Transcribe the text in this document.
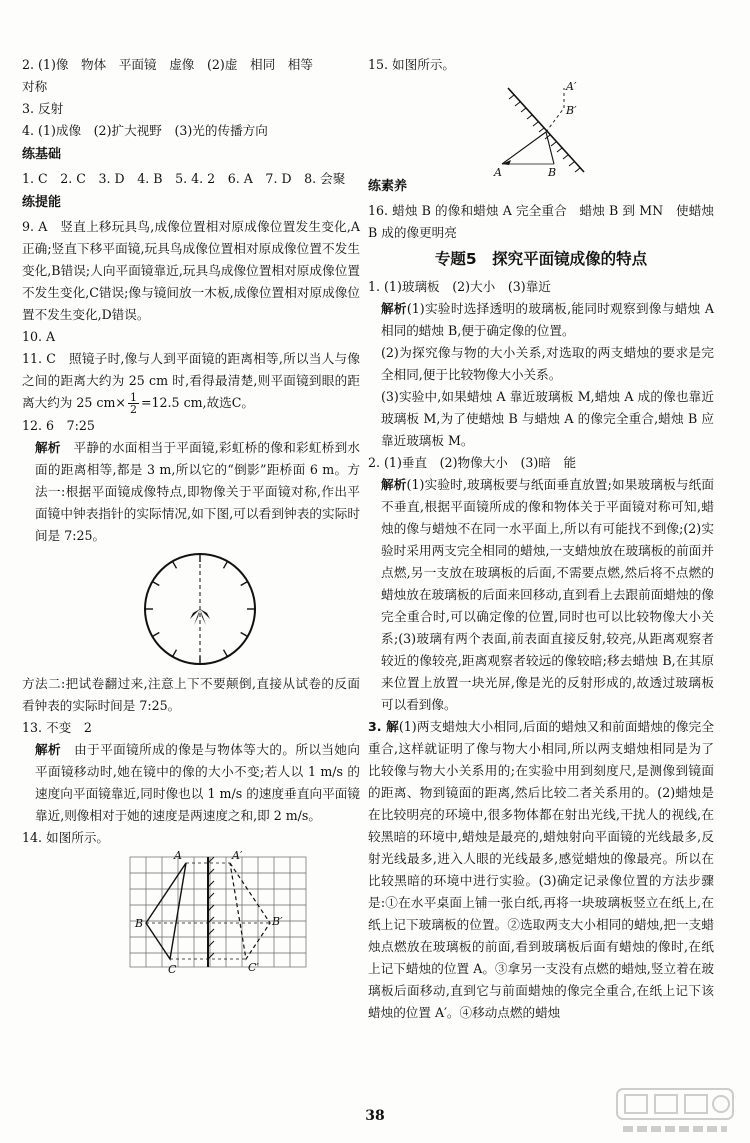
2. (1)像　物体　平面镜　虚像　(2)虚　相同　相等

对称

3. 反射

4. (1)成像　(2)扩大视野　(3)光的传播方向

练基础

1. C　2. C　3. D　4. B　5. 4. 2　6. A　7. D　8. 会聚

练提能

9. A　竖直上移玩具鸟,成像位置相对原成像位置发生变化,A正确;竖直下移平面镜,玩具鸟成像位置相对原成像位置不发生变化,B错误;人向平面镜靠近,玩具鸟成像位置相对原成像位置不发生变化,C错误;像与镜间放一木板,成像位置相对原成像位置不发生变化,D错误。

10. A

11. C　照镜子时,像与人到平面镜的距离相等,所以当人与像之间的距离大约为 25 cm 时,看得最清楚,则平面镜到眼的距离大约为 25 $cm\times \frac{1}{2} =12.5$ cm,故选C。

12. 6　7:25

解析　 平静的水面相当于平面镜,彩虹桥的像和彩虹桥到水面的距离相等,都是 3 m,所以它的“倒影”距桥面 6 m。方法一:根据平面镜成像特点,即物像关于平面镜对称,作出平面镜中钟表指针的实际情况,如下图,可以看到钟表的实际时间是 7:25。

方法二:把试卷翻过来,注意上下不要颠倒,直接从试卷的反面看钟表的实际时间是 7:25。

13. 不变　2

解析　 由于平面镜所成的像是与物体等大的。所以当她向平面镜移动时,她在镜中的像的大小不变;若人以 1 m/s 的速度向平面镜靠近,同时像也以 1 m/s 的速度垂直向平面镜靠近,则像相对于她的速度是两速度之和,即 2 m/s。

14. 如图所示。

A
B
C
A′
B′
C′

15. 如图所示。

A′
B′
A	B

练素养

16. 蜡烛 B 的像和蜡烛 A 完全重合　蜡烛 B 到 MN　使蜡烛 B 成的像更明亮

专题5　探究平面镜成像的特点

1. (1)玻璃板　(2)大小　(3)靠近

解析(1)实验时选择透明的玻璃板,能同时观察到像与蜡烛 A 相同的蜡烛 B,便于确定像的位置。

(2)为探究像与物的大小关系,对选取的两支蜡烛的要求是完全相同,便于比较物像大小关系。

(3)实验中,如果蜡烛 A 靠近玻璃板 M,蜡烛 A 成的像也靠近玻璃板 M,为了使蜡烛 B 与蜡烛 A 的像完全重合,蜡烛 B 应靠近玻璃板 M。

2. (1)垂直　(2)物像大小　(3)暗　能

解析(1)实验时,玻璃板要与纸面垂直放置;如果玻璃板与纸面不垂直,根据平面镜所成的像和物体关于平面镜对称可知,蜡烛的像与蜡烛不在同一水平面上,所以有可能找不到像;(2)实验时采用两支完全相同的蜡烛,一支蜡烛放在玻璃板的前面并点燃,另一支放在玻璃板的后面,不需要点燃,然后将不点燃的蜡烛放在玻璃板的后面来回移动,直到看上去跟前面蜡烛的像完全重合时,可以确定像的位置,同时也可以比较物像大小关系;(3)玻璃有两个表面,前表面直接反射,较亮,从距离观察者较近的像较亮,距离观察者较远的像较暗;移去蜡烛 B,在其原来位置上放置一块光屏,像是光的反射形成的,故透过玻璃板可以看到像。

3. 解(1)两支蜡烛大小相同,后面的蜡烛又和前面蜡烛的像完全重合,这样就证明了像与物大小相同,所以两支蜡烛相同是为了比较像与物大小关系用的;在实验中用到刻度尺,是测像到镜面的距离、物到镜面的距离,然后比较二者关系用的。(2)蜡烛是在比较明亮的环境中,很多物体都在射出光线,干扰人的视线,在较黑暗的环境中,蜡烛是最亮的,蜡烛射向平面镜的光线最多,反射光线最多,进入人眼的光线最多,感觉蜡烛的像最亮。所以在比较黑暗的环境中进行实验。(3)确定记录像位置的方法步骤是:①在水平桌面上铺一张白纸,再将一块玻璃板竖立在纸上,在纸上记下玻璃板的位置。②选取两支大小相同的蜡烛,把一支蜡烛点燃放在玻璃板的前面,看到玻璃板后面有蜡烛的像时,在纸上记下蜡烛的位置 A。③拿另一支没有点燃的蜡烛,竖立着在玻璃板后面移动,直到它与前面蜡烛的像完全重合,在纸上记下该蜡烛的位置 A′。④移动点燃的蜡烛

38
